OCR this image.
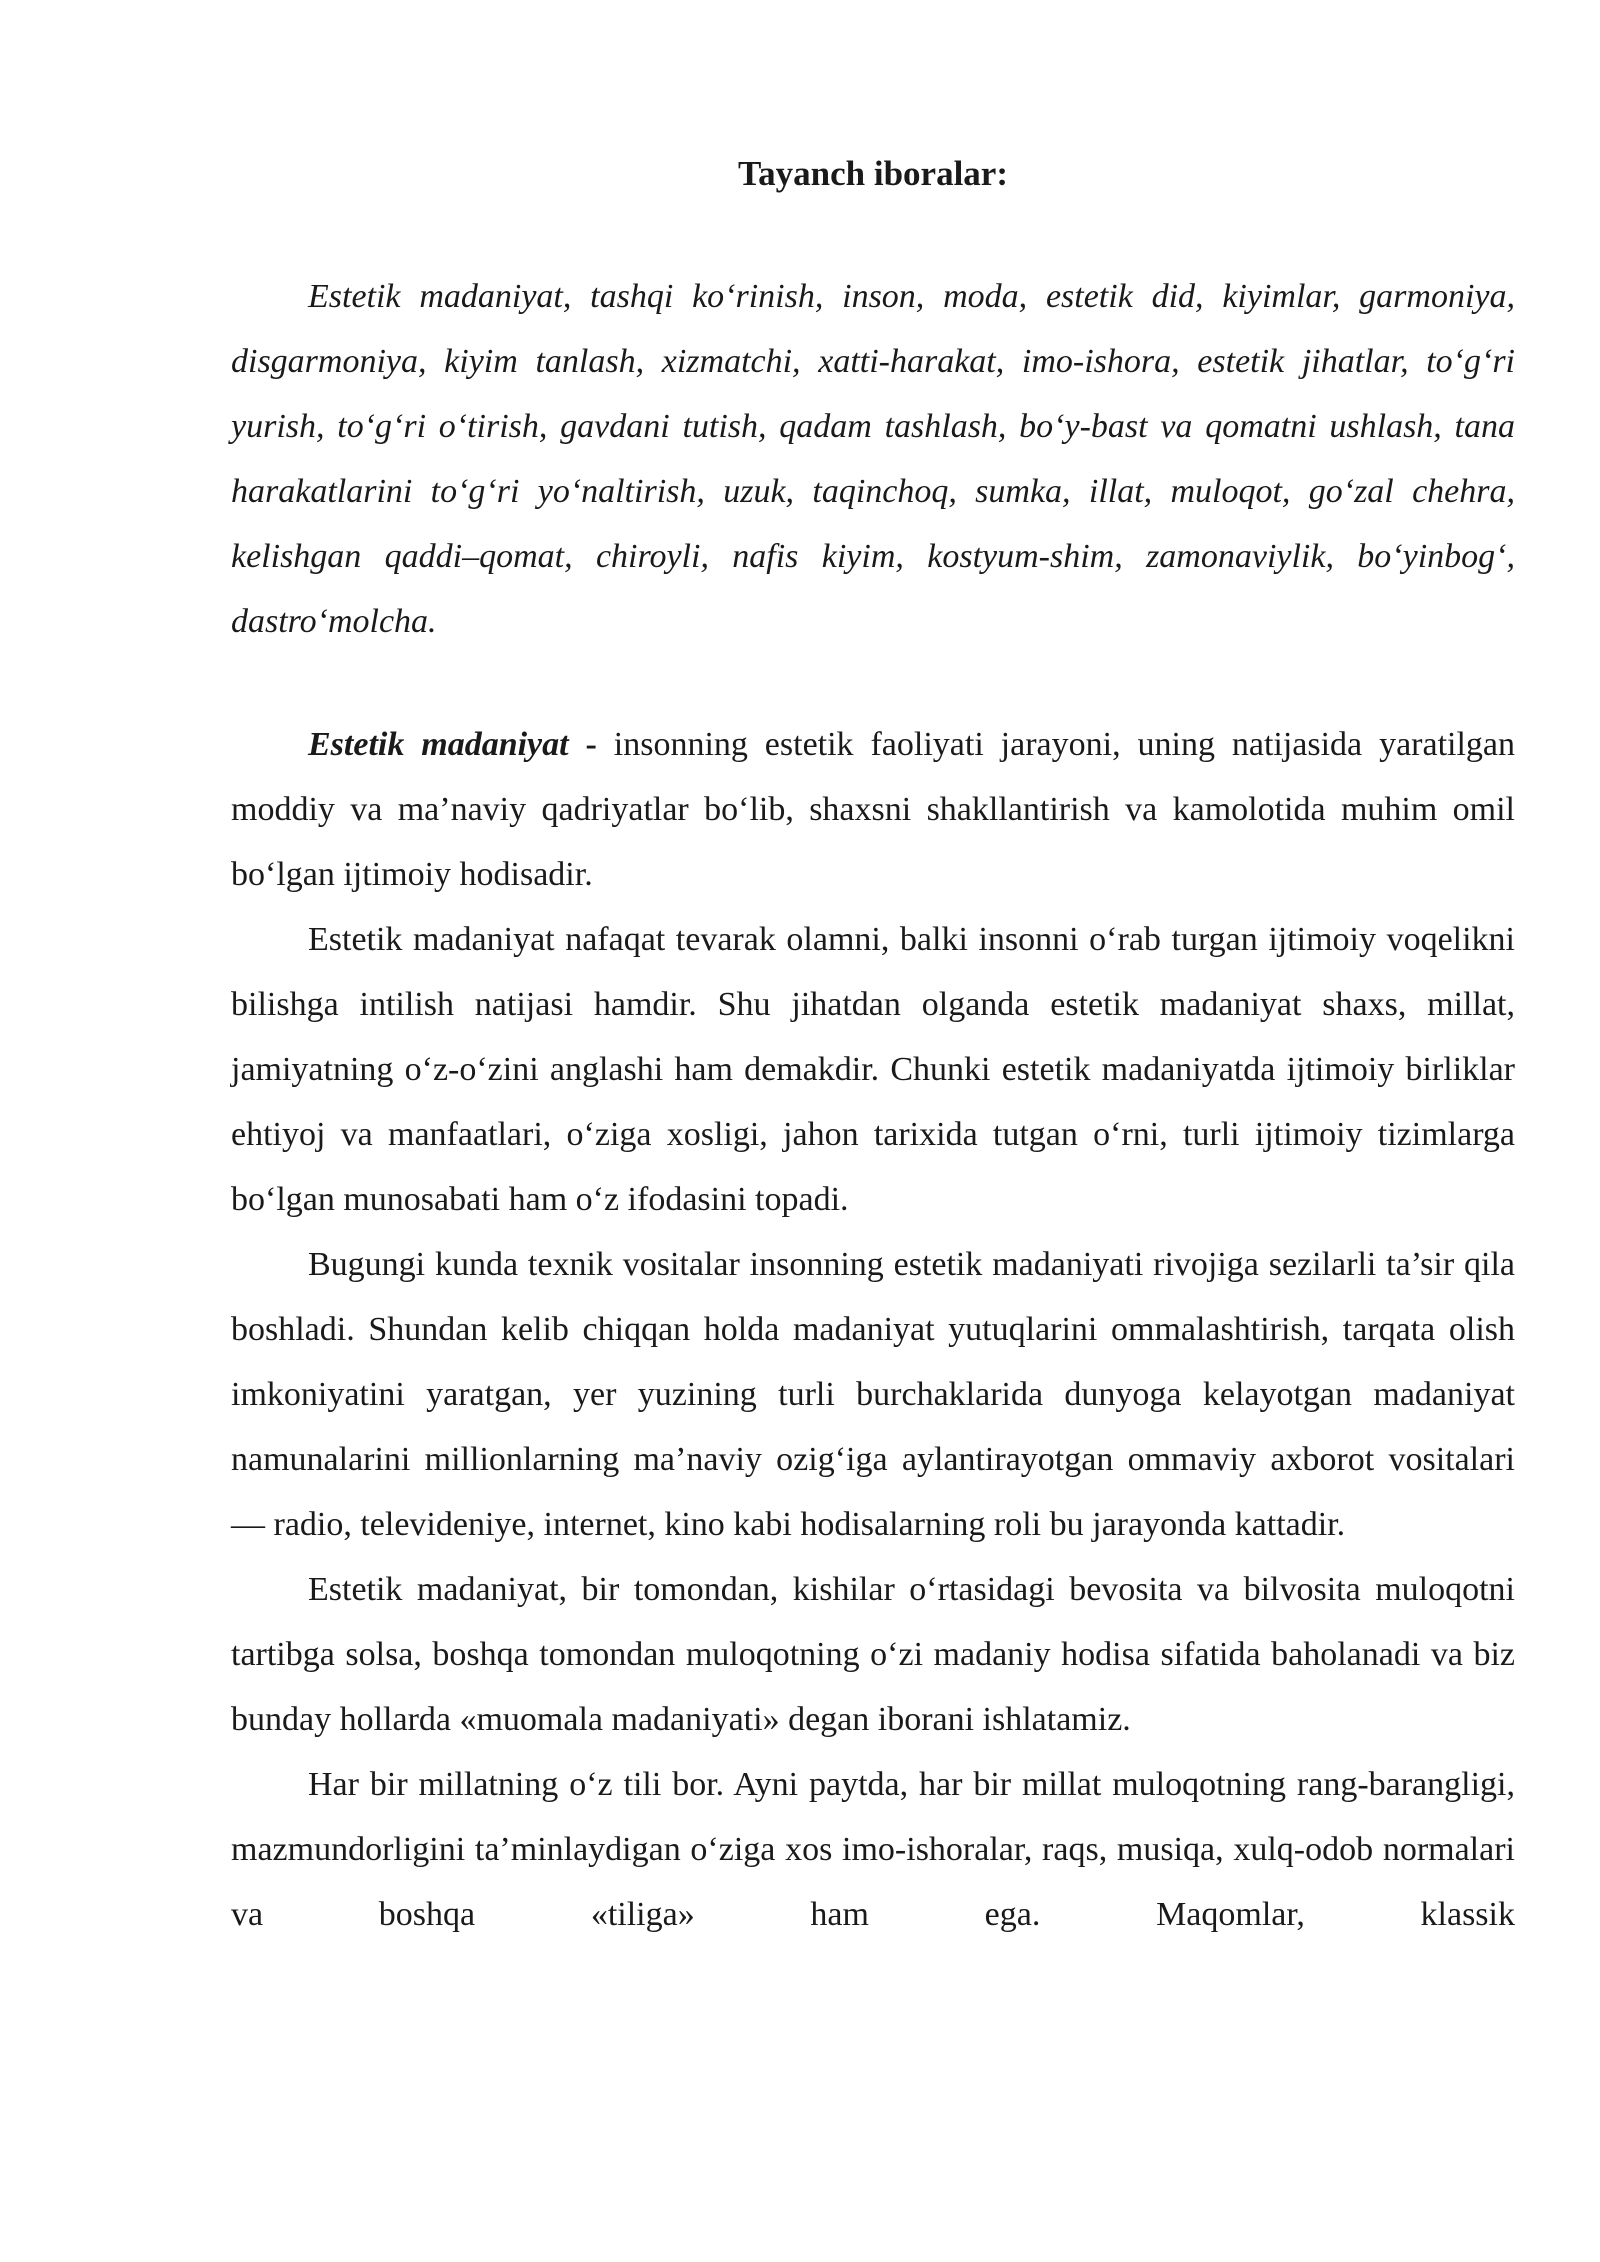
Tayanch iboralar:

Estetik madaniyat, tashqi ko‘rinish, inson, moda, estetik did, kiyimlar, garmoniya, disgarmoniya, kiyim tanlash, xizmatchi, xatti-harakat, imo-ishora, estetik jihatlar, to‘g‘ri yurish, to‘g‘ri o‘tirish, gavdani tutish, qadam tashlash, bo‘y-bast va qomatni ushlash, tana harakatlarini to‘g‘ri yo‘naltirish, uzuk, taqinchoq, sumka, illat, muloqot, go‘zal chehra, kelishgan qaddi–qomat, chiroyli, nafis kiyim, kostyum-shim, zamonaviylik, bo‘yinbog‘, dastro‘molcha.

Estetik madaniyat - insonning estetik faoliyati jarayoni, uning natijasida yaratilgan moddiy va ma’naviy qadriyatlar bo‘lib, shaxsni shakllantirish va kamolotida muhim omil bo‘lgan ijtimoiy hodisadir.

Estetik madaniyat nafaqat tevarak olamni, balki insonni o‘rab turgan ijtimoiy voqelikni bilishga intilish natijasi hamdir. Shu jihatdan olganda estetik madaniyat shaxs, millat, jamiyatning o‘z-o‘zini anglashi ham demakdir. Chunki estetik madaniyatda ijtimoiy birliklar ehtiyoj va manfaatlari, o‘ziga xosligi, jahon tarixida tutgan o‘rni, turli ijtimoiy tizimlarga bo‘lgan munosabati ham o‘z ifodasini topadi.

Bugungi kunda texnik vositalar insonning estetik madaniyati rivojiga sezilarli ta’sir qila boshladi. Shundan kelib chiqqan holda madaniyat yutuqlarini ommalashtirish, tarqata olish imkoniyatini yaratgan, yer yuzining turli burchaklarida dunyoga kelayotgan madaniyat namunalarini millionlarning ma’naviy ozig‘iga aylantirayotgan ommaviy axborot vositalari — radio, televideniye, internet, kino kabi hodisalarning roli bu jarayonda kattadir.

Estetik madaniyat, bir tomondan, kishilar o‘rtasidagi bevosita va bilvosita muloqotni tartibga solsa, boshqa tomondan muloqotning o‘zi madaniy hodisa sifatida baholanadi va biz bunday hollarda «muomala madaniyati» degan iborani ishlatamiz.

Har bir millatning o‘z tili bor. Ayni paytda, har bir millat muloqotning rang-barangligi, mazmundorligini ta’minlaydigan o‘ziga xos imo-ishoralar, raqs, musiqa, xulq-odob normalari va boshqa «tiliga» ham ega. Maqomlar, klassik
